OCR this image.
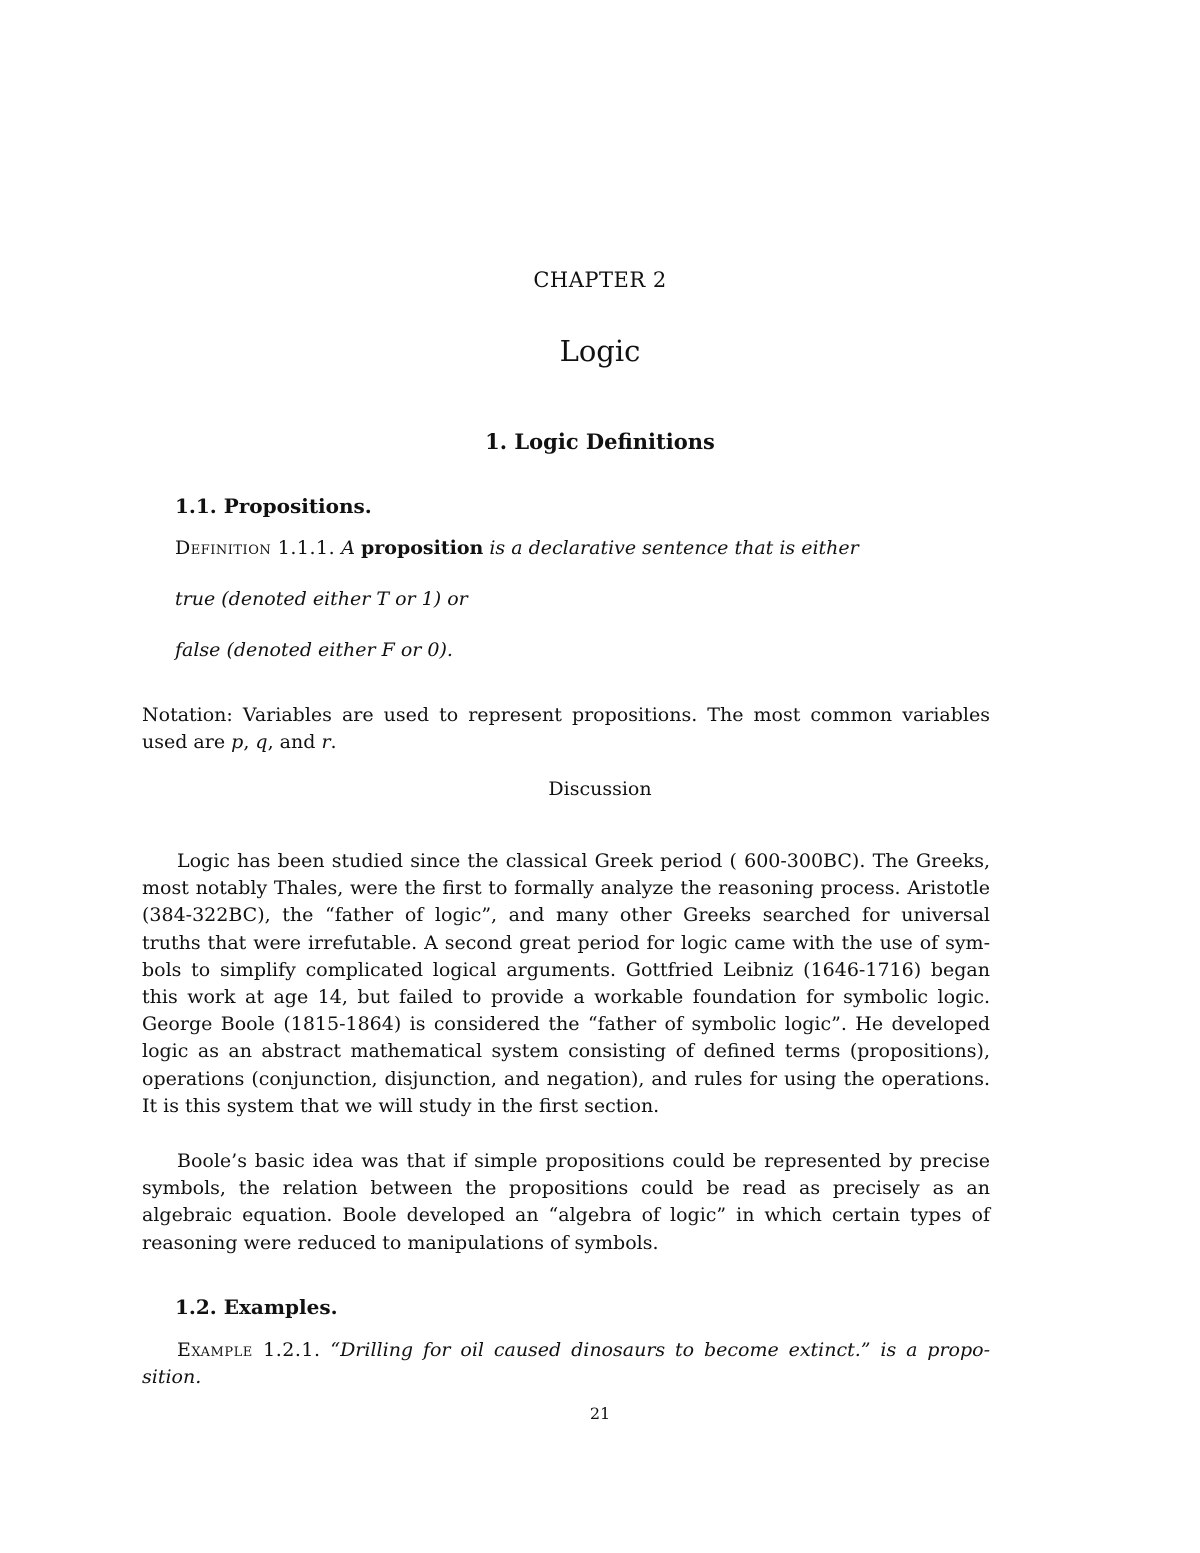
CHAPTER 2
Logic
1. Logic Definitions
1.1. Propositions.
Definition 1.1.1. A proposition is a declarative sentence that is either
true (denoted either T or 1) or
false (denoted either F or 0).
Notation: Variables are used to represent propositions. The most common variables used are p, q, and r.
Discussion
Logic has been studied since the classical Greek period ( 600-300BC). The Greeks, most notably Thales, were the first to formally analyze the reasoning process. Aristotle (384-322BC), the “father of logic”, and many other Greeks searched for universal truths that were irrefutable. A second great period for logic came with the use of symbols to simplify complicated logical arguments. Gottfried Leibniz (1646-1716) began this work at age 14, but failed to provide a workable foundation for symbolic logic. George Boole (1815-1864) is considered the “father of symbolic logic”. He developed logic as an abstract mathematical system consisting of defined terms (propositions), operations (conjunction, disjunction, and negation), and rules for using the operations. It is this system that we will study in the first section.
Boole’s basic idea was that if simple propositions could be represented by precise symbols, the relation between the propositions could be read as precisely as an algebraic equation. Boole developed an “algebra of logic” in which certain types of reasoning were reduced to manipulations of symbols.
1.2. Examples.
Example 1.2.1. “Drilling for oil caused dinosaurs to become extinct.” is a proposition.
21
